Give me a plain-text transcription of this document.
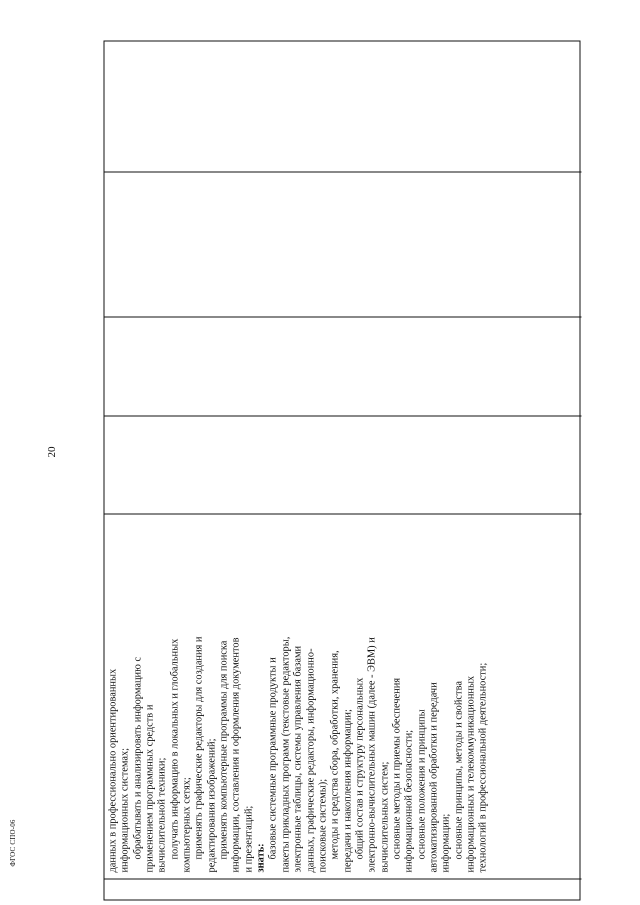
20
ФГОС СПО-06	данных в профессионально ориентированных информационных системах; обрабатывать и анализировать информацию с применением программных средств и вычислительной техники; получать информацию в локальных и глобальных компьютерных сетях; применять графические редакторы для создания и редактирования изображений; применять компьютерные программы для поиска информации, составления и оформления документов и презентаций; знать: базовые системные программные продукты и пакеты прикладных программ (текстовые редакторы, электронные таблицы, системы управления базами данных, графические редакторы, информационно- поисковые системы); методы и средства сбора, обработки, хранения, передачи и накопления информации; общий состав и структуру персональных электронно-вычислительных машин (далее - ЭВМ) и вычислительных систем; основные методы и приемы обеспечения информационной безопасности; основные положения и принципы автоматизированной обработки и передачи информации; основные принципы, методы и свойства информационных и телекоммуникационных технологий в профессиональной деятельности;
